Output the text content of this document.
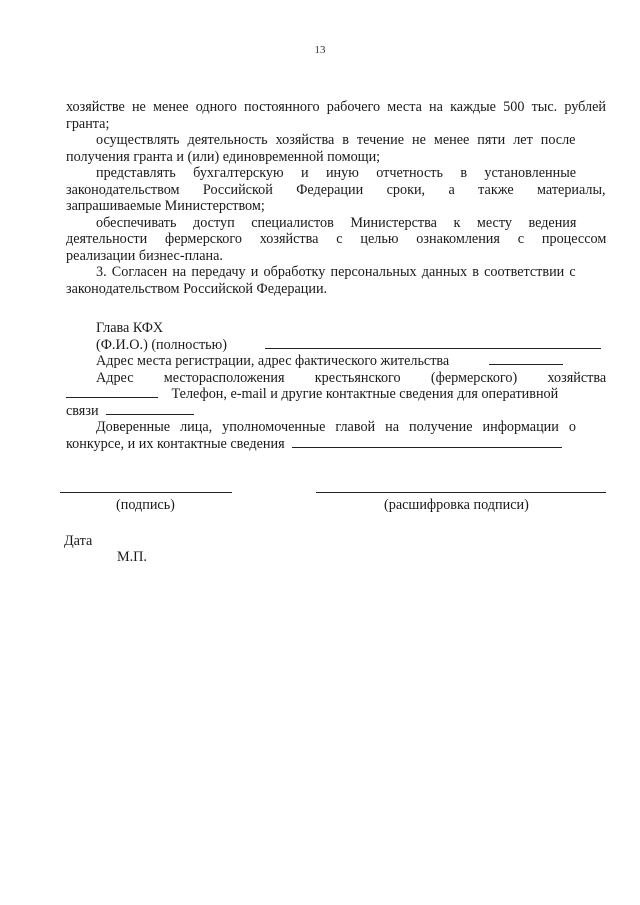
13
хозяйстве не менее одного постоянного рабочего места на каждые 500 тыс. рублей
гранта;
осуществлять деятельность хозяйства в течение не менее пяти лет после
получения гранта и (или) единовременной помощи;
представлять бухгалтерскую и иную отчетность в установленные
законодательством Российской Федерации сроки, а также материалы,
запрашиваемые Министерством;
обеспечивать доступ специалистов Министерства к месту ведения
деятельности фермерского хозяйства с целью ознакомления с процессом
реализации бизнес-плана.
3. Согласен на передачу и обработку персональных данных в соответствии с
законодательством Российской Федерации.
Глава КФХ
(Ф.И.О.) (полностью)
Адрес места регистрации, адрес фактического жительства
Адрес месторасположения крестьянского (фермерского) хозяйства
Телефон, e-mail и другие контактные сведения для оперативной
связи
Доверенные лица, уполномоченные главой на получение информации о
конкурсе, и их контактные сведения
(подпись)	(расшифровка подписи)
Дата
М.П.
